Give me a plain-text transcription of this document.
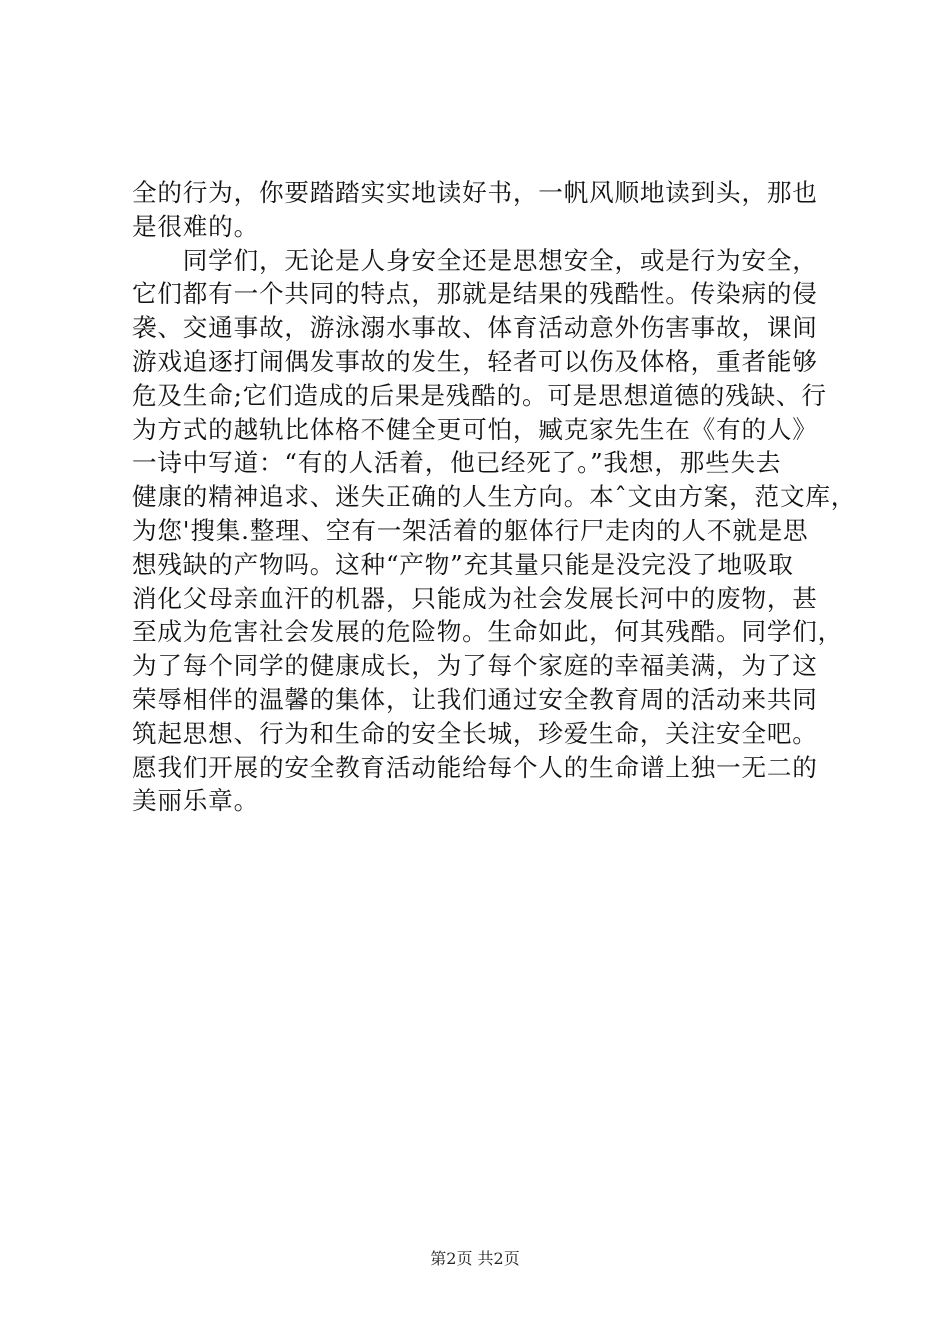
全的行为，你要踏踏实实地读好书，一帆风顺地读到头，那也
是很难的。
　　同学们，无论是人身安全还是思想安全，或是行为安全，
它们都有一个共同的特点，那就是结果的残酷性。传染病的侵
袭、交通事故，游泳溺水事故、体育活动意外伤害事故，课间
游戏追逐打闹偶发事故的发生，轻者可以伤及体格，重者能够
危及生命;它们造成的后果是残酷的。可是思想道德的残缺、行
为方式的越轨比体格不健全更可怕，臧克家先生在《有的人》
一诗中写道：“有的人活着，他已经死了。”我想，那些失去
健康的精神追求、迷失正确的人生方向。本ˆ文由方案，范文库，
为您'搜集.整理、空有一架活着的躯体行尸走肉的人不就是思
想残缺的产物吗。这种“产物”充其量只能是没完没了地吸取
消化父母亲血汗的机器，只能成为社会发展长河中的废物，甚
至成为危害社会发展的危险物。生命如此，何其残酷。同学们，
为了每个同学的健康成长，为了每个家庭的幸福美满，为了这
荣辱相伴的温馨的集体，让我们通过安全教育周的活动来共同
筑起思想、行为和生命的安全长城，珍爱生命，关注安全吧。
愿我们开展的安全教育活动能给每个人的生命谱上独一无二的
美丽乐章。
第2页 共2页
